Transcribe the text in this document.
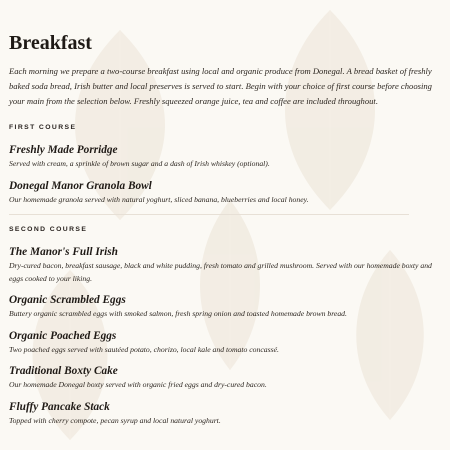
Breakfast

Each morning we prepare a two-course breakfast using local and organic produce from Donegal. A bread basket of freshly baked soda bread, Irish butter and local preserves is served to start. Begin with your choice of first course before choosing your main from the selection below. Freshly squeezed orange juice, tea and coffee are included throughout.

FIRST COURSE
Freshly Made Porridge

Served with cream, a sprinkle of brown sugar and a dash of Irish whiskey (optional).

Donegal Manor Granola Bowl

Our homemade granola served with natural yoghurt, sliced banana, blueberries and local honey.

SECOND COURSE
The Manor's Full Irish

Dry-cured bacon, breakfast sausage, black and white pudding, fresh tomato and grilled mushroom. Served with our homemade boxty and eggs cooked to your liking.

Organic Scrambled Eggs

Buttery organic scrambled eggs with smoked salmon, fresh spring onion and toasted homemade brown bread.

Organic Poached Eggs

Two poached eggs served with sautéed potato, chorizo, local kale and tomato concassé.

Traditional Boxty Cake

Our homemade Donegal boxty served with organic fried eggs and dry-cured bacon.

Fluffy Pancake Stack

Topped with cherry compote, pecan syrup and local natural yoghurt.
